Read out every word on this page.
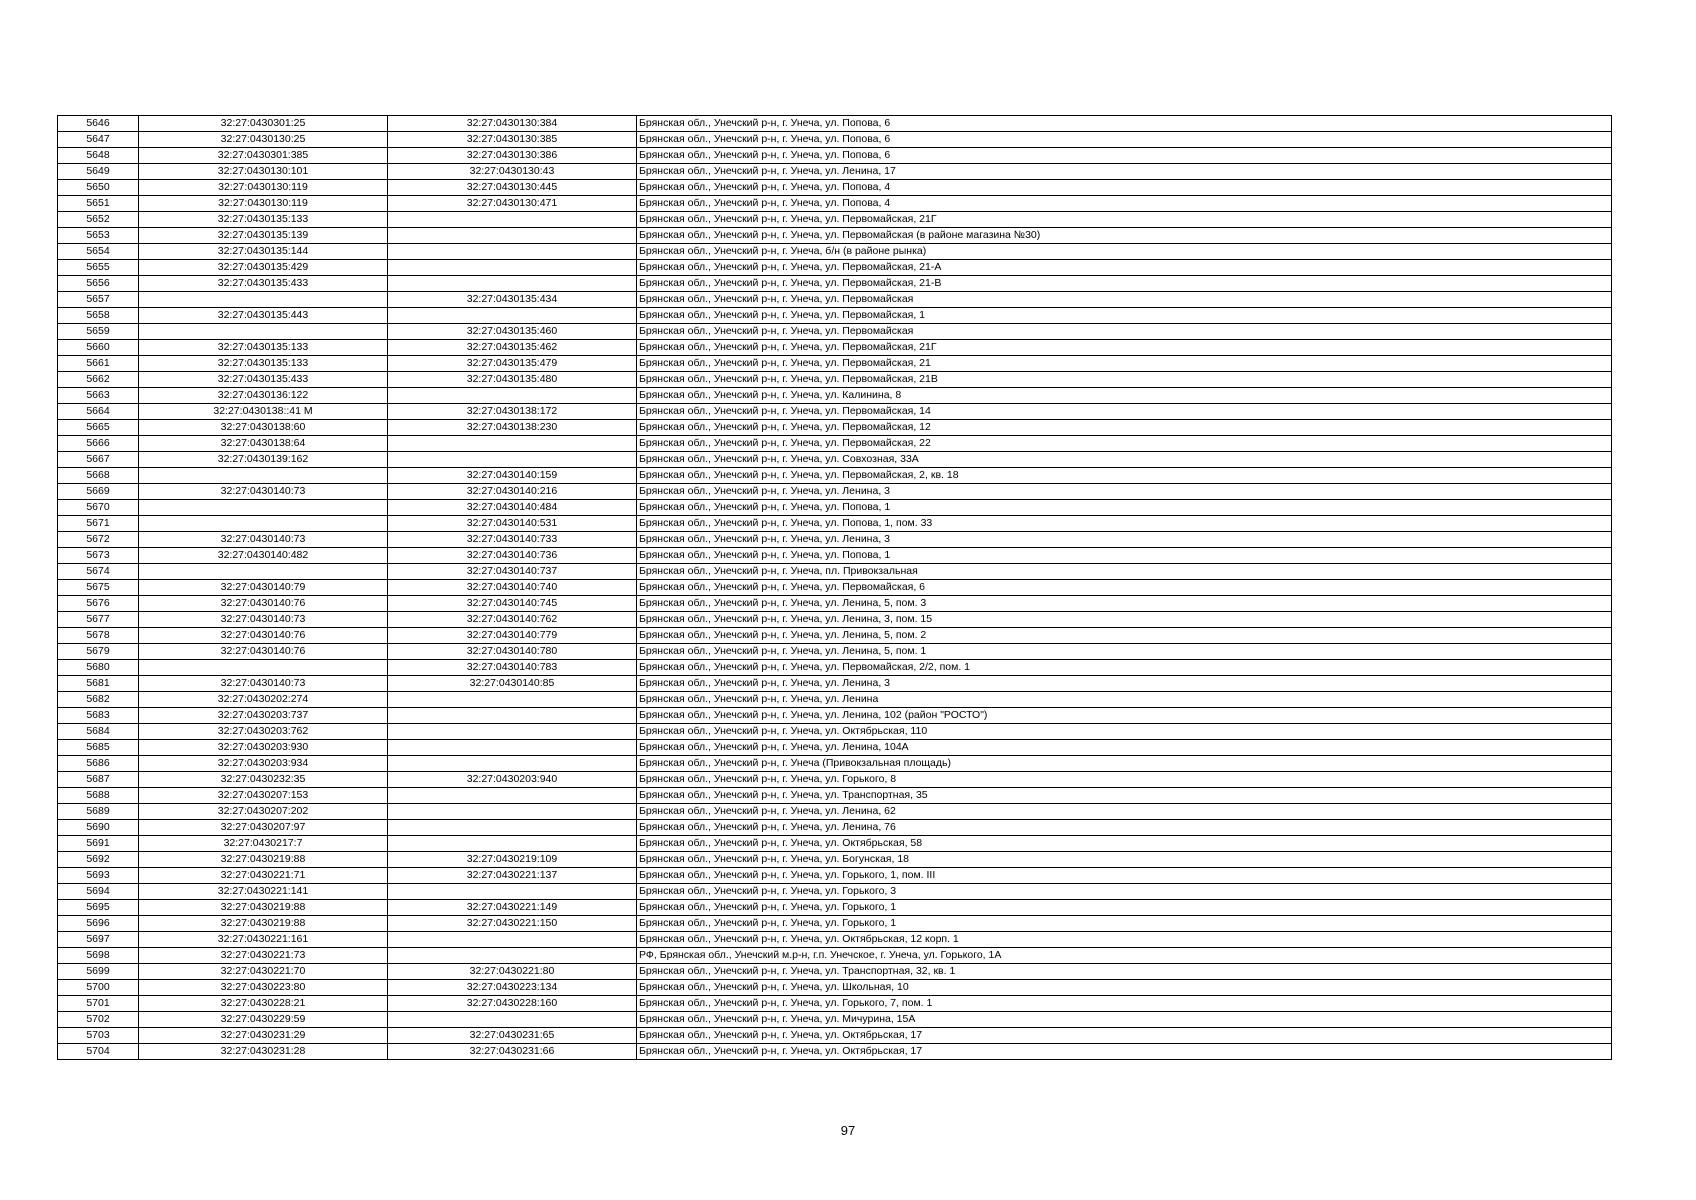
5646	32:27:0430301:25	32:27:0430130:384	Брянская обл., Унечский р-н, г. Унеча, ул. Попова, 6
5647	32:27:0430130:25	32:27:0430130:385	Брянская обл., Унечский р-н, г. Унеча, ул. Попова, 6
5648	32:27:0430301:385	32:27:0430130:386	Брянская обл., Унечский р-н, г. Унеча, ул. Попова, 6
5649	32:27:0430130:101	32:27:0430130:43	Брянская обл., Унечский р-н, г. Унеча, ул. Ленина, 17
5650	32:27:0430130:119	32:27:0430130:445	Брянская обл., Унечский р-н, г. Унеча, ул. Попова, 4
5651	32:27:0430130:119	32:27:0430130:471	Брянская обл., Унечский р-н, г. Унеча, ул. Попова, 4
5652	32:27:0430135:133		Брянская обл., Унечский р-н, г. Унеча, ул. Первомайская, 21Г
5653	32:27:0430135:139		Брянская обл., Унечский р-н, г. Унеча, ул. Первомайская (в районе магазина №30)
5654	32:27:0430135:144		Брянская обл., Унечский р-н, г. Унеча, б/н (в районе рынка)
5655	32:27:0430135:429		Брянская обл., Унечский р-н, г. Унеча, ул. Первомайская, 21-А
5656	32:27:0430135:433		Брянская обл., Унечский р-н, г. Унеча, ул. Первомайская, 21-В
5657		32:27:0430135:434	Брянская обл., Унечский р-н, г. Унеча, ул. Первомайская
5658	32:27:0430135:443		Брянская обл., Унечский р-н, г. Унеча, ул. Первомайская, 1
5659		32:27:0430135:460	Брянская обл., Унечский р-н, г. Унеча, ул. Первомайская
5660	32:27:0430135:133	32:27:0430135:462	Брянская обл., Унечский р-н, г. Унеча, ул. Первомайская, 21Г
5661	32:27:0430135:133	32:27:0430135:479	Брянская обл., Унечский р-н, г. Унеча, ул. Первомайская, 21
5662	32:27:0430135:433	32:27:0430135:480	Брянская обл., Унечский р-н, г. Унеча, ул. Первомайская, 21В
5663	32:27:0430136:122		Брянская обл., Унечский р-н, г. Унеча, ул. Калинина, 8
5664	32:27:0430138::41 М	32:27:0430138:172	Брянская обл., Унечский р-н, г. Унеча, ул. Первомайская, 14
5665	32:27:0430138:60	32:27:0430138:230	Брянская обл., Унечский р-н, г. Унеча, ул. Первомайская, 12
5666	32:27:0430138:64		Брянская обл., Унечский р-н, г. Унеча, ул. Первомайская, 22
5667	32:27:0430139:162		Брянская обл., Унечский р-н, г. Унеча, ул. Совхозная, 33А
5668		32:27:0430140:159	Брянская обл., Унечский р-н, г. Унеча, ул. Первомайская, 2, кв. 18
5669	32:27:0430140:73	32:27:0430140:216	Брянская обл., Унечский р-н, г. Унеча, ул. Ленина, 3
5670		32:27:0430140:484	Брянская обл., Унечский р-н, г. Унеча, ул. Попова, 1
5671		32:27:0430140:531	Брянская обл., Унечский р-н, г. Унеча, ул. Попова, 1, пом. 33
5672	32:27:0430140:73	32:27:0430140:733	Брянская обл., Унечский р-н, г. Унеча, ул. Ленина, 3
5673	32:27:0430140:482	32:27:0430140:736	Брянская обл., Унечский р-н, г. Унеча, ул. Попова, 1
5674		32:27:0430140:737	Брянская обл., Унечский р-н, г. Унеча, пл. Привокзальная
5675	32:27:0430140:79	32:27:0430140:740	Брянская обл., Унечский р-н, г. Унеча, ул. Первомайская, 6
5676	32:27:0430140:76	32:27:0430140:745	Брянская обл., Унечский р-н, г. Унеча, ул. Ленина, 5, пом. 3
5677	32:27:0430140:73	32:27:0430140:762	Брянская обл., Унечский р-н, г. Унеча, ул. Ленина, 3, пом. 15
5678	32:27:0430140:76	32:27:0430140:779	Брянская обл., Унечский р-н, г. Унеча, ул. Ленина, 5, пом. 2
5679	32:27:0430140:76	32:27:0430140:780	Брянская обл., Унечский р-н, г. Унеча, ул. Ленина, 5, пом. 1
5680		32:27:0430140:783	Брянская обл., Унечский р-н, г. Унеча, ул. Первомайская, 2/2, пом. 1
5681	32:27:0430140:73	32:27:0430140:85	Брянская обл., Унечский р-н, г. Унеча, ул. Ленина, 3
5682	32:27:0430202:274		Брянская обл., Унечский р-н, г. Унеча, ул. Ленина
5683	32:27:0430203:737		Брянская обл., Унечский р-н, г. Унеча, ул. Ленина, 102 (район "РОСТО")
5684	32:27:0430203:762		Брянская обл., Унечский р-н, г. Унеча, ул. Октябрьская, 110
5685	32:27:0430203:930		Брянская обл., Унечский р-н, г. Унеча, ул. Ленина, 104А
5686	32:27:0430203:934		Брянская обл., Унечский р-н, г. Унеча (Привокзальная площадь)
5687	32:27:0430232:35	32:27:0430203:940	Брянская обл., Унечский р-н, г. Унеча, ул. Горького, 8
5688	32:27:0430207:153		Брянская обл., Унечский р-н, г. Унеча, ул. Транспортная, 35
5689	32:27:0430207:202		Брянская обл., Унечский р-н, г. Унеча, ул. Ленина, 62
5690	32:27:0430207:97		Брянская обл., Унечский р-н, г. Унеча, ул. Ленина, 76
5691	32:27:0430217:7		Брянская обл., Унечский р-н, г. Унеча, ул. Октябрьская, 58
5692	32:27:0430219:88	32:27:0430219:109	Брянская обл., Унечский р-н, г. Унеча, ул. Богунская, 18
5693	32:27:0430221:71	32:27:0430221:137	Брянская обл., Унечский р-н, г. Унеча, ул. Горького, 1, пом. III
5694	32:27:0430221:141		Брянская обл., Унечский р-н, г. Унеча, ул. Горького, 3
5695	32:27:0430219:88	32:27:0430221:149	Брянская обл., Унечский р-н, г. Унеча, ул. Горького, 1
5696	32:27:0430219:88	32:27:0430221:150	Брянская обл., Унечский р-н, г. Унеча, ул. Горького, 1
5697	32:27:0430221:161		Брянская обл., Унечский р-н, г. Унеча, ул. Октябрьская, 12 корп. 1
5698	32:27:0430221:73		РФ, Брянская обл., Унечский м.р-н, г.п. Унечское, г. Унеча, ул. Горького, 1А
5699	32:27:0430221:70	32:27:0430221:80	Брянская обл., Унечский р-н, г. Унеча, ул. Транспортная, 32, кв. 1
5700	32:27:0430223:80	32:27:0430223:134	Брянская обл., Унечский р-н, г. Унеча, ул. Школьная, 10
5701	32:27:0430228:21	32:27:0430228:160	Брянская обл., Унечский р-н, г. Унеча, ул. Горького, 7, пом. 1
5702	32:27:0430229:59		Брянская обл., Унечский р-н, г. Унеча, ул. Мичурина, 15А
5703	32:27:0430231:29	32:27:0430231:65	Брянская обл., Унечский р-н, г. Унеча, ул. Октябрьская, 17
5704	32:27:0430231:28	32:27:0430231:66	Брянская обл., Унечский р-н, г. Унеча, ул. Октябрьская, 17
97
